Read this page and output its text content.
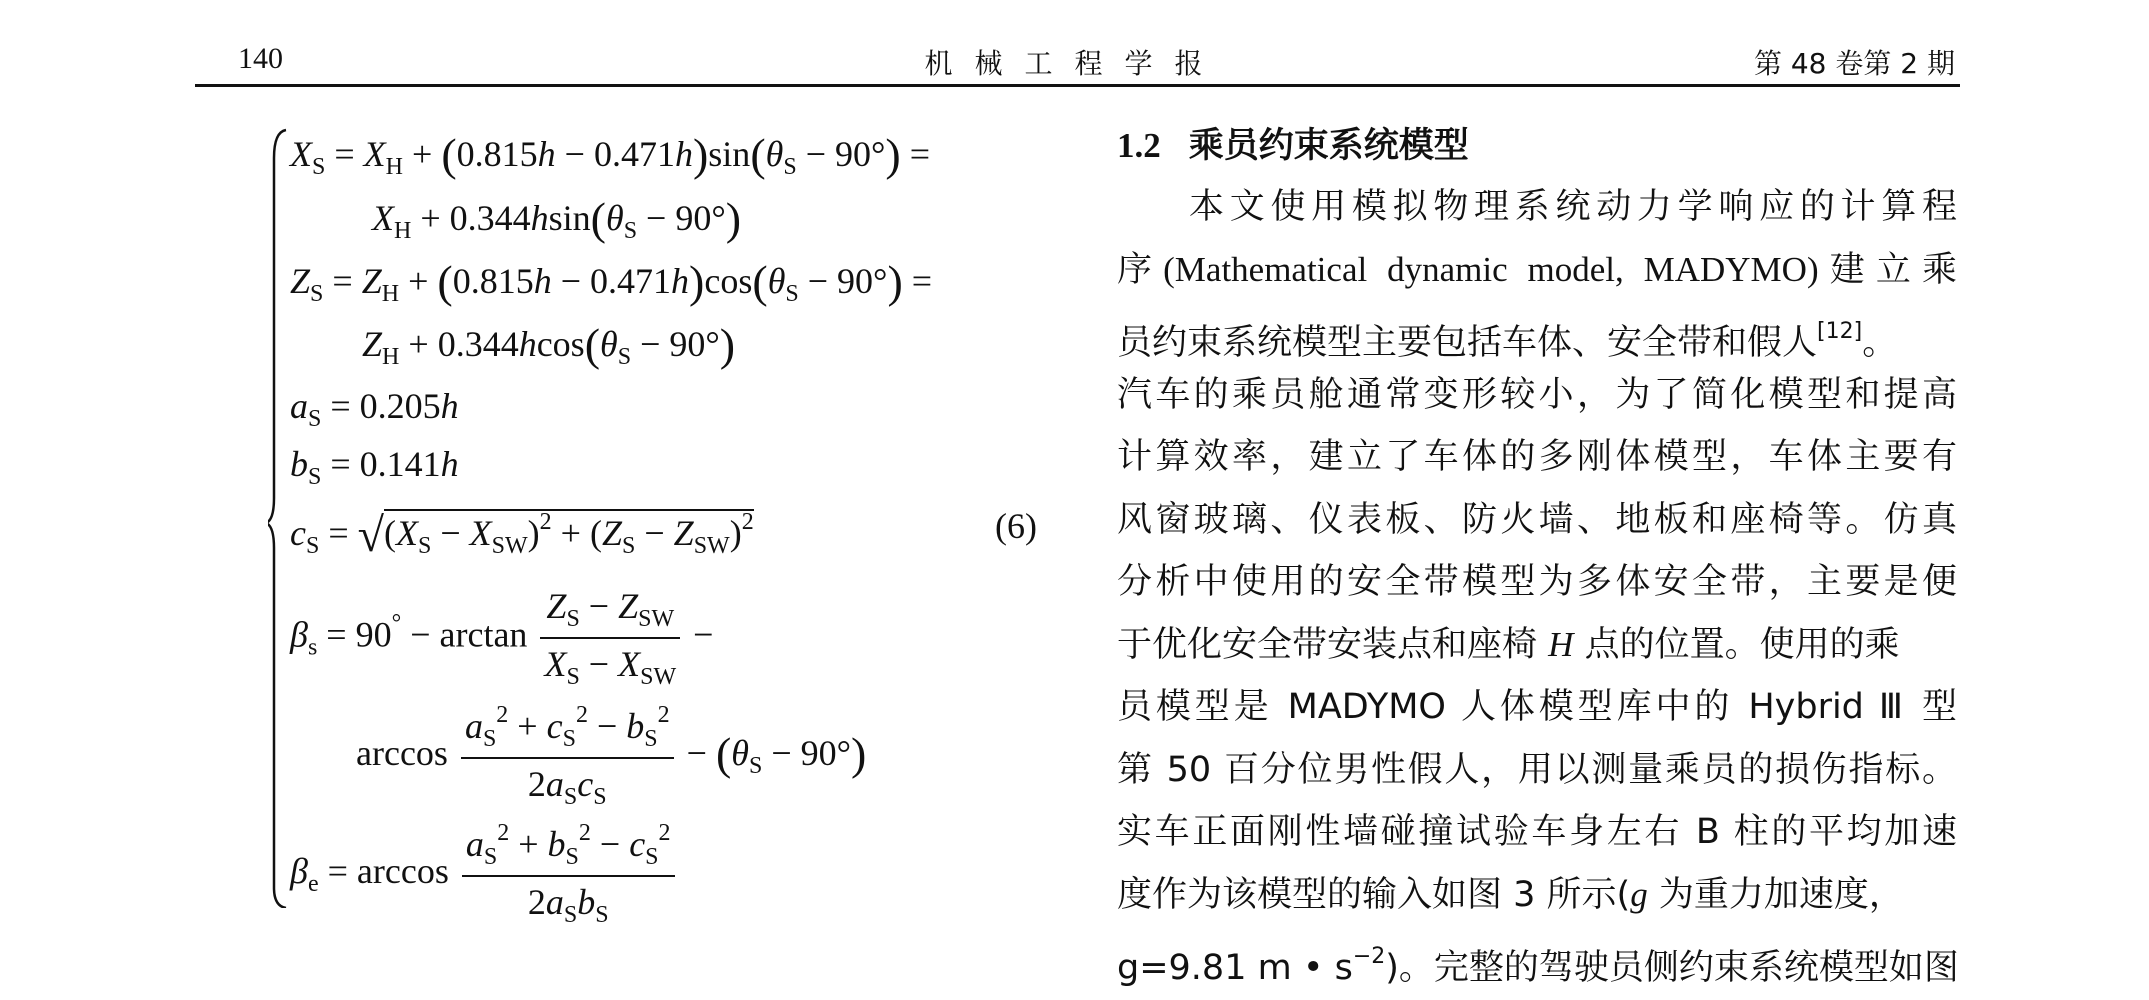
140	机械工程学报	第 48 卷第 2 期
$X_S = X_H + (0.815h - 0.471h)\sin(\theta_S - 90^\circ)$ =
$X_H + 0.344hsin(\theta_S - 90^\circ)$
$Z_S = Z_H + (0.815h - 0.471h)\cos(\theta_S - 90^\circ)$ =
$Z_H + 0.344hcos(\theta_S - 90^\circ)$
$a_S = 0.205h$
$b_S = 0.141h$
$c_S = √(X_S - X_{SW})^2 + (Z_S - Z_{SW})^2$
$\beta_s = 90^\circ - \arctan \frac{Z_S - Z_{SW}}{X_S - X_{SW}}$ −
$\arccos \frac{a_S^2 + c_S^2 - b_S^2}{2a_Sc_S} - (\theta_S - 90^\circ)$
$\beta_e = \arccos \frac{a_S^2 + b_S^2 - c_S^2}{2a_Sb_S}$
(6)
1.2 乘员约束系统模型
本文使用模拟物理系统动力学响应的计算程
序(Mathematical dynamic model, MADYMO)建立乘
员约束系统模型主要包括车体、安全带和假人[12]。
汽车的乘员舱通常变形较小，为了简化模型和提高
计算效率，建立了车体的多刚体模型，车体主要有
风窗玻璃、仪表板、防火墙、地板和座椅等。仿真
分析中使用的安全带模型为多体安全带，主要是便
于优化安全带安装点和座椅 H 点的位置。使用的乘
员模型是 MADYMO 人体模型库中的 Hybrid Ⅲ 型
第 50 百分位男性假人，用以测量乘员的损伤指标。
实车正面刚性墙碰撞试验车身左右 B 柱的平均加速
度作为该模型的输入如图 3 所示(g 为重力加速度，
g=9.81 m • s$^{-2}$)。完整的驾驶员侧约束系统模型如图
